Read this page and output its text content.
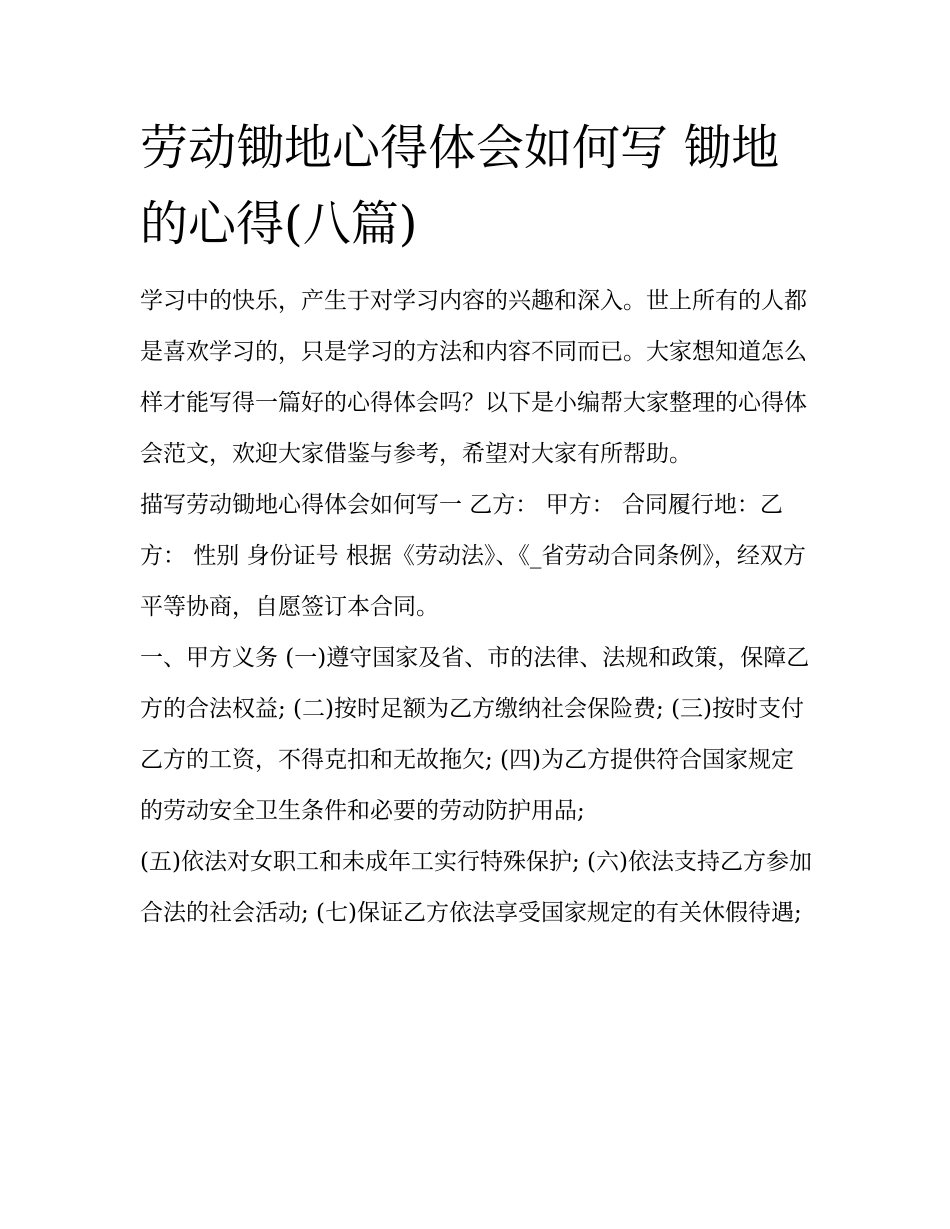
劳动锄地心得体会如何写 锄地的心得(八篇)

学习中的快乐，产生于对学习内容的兴趣和深入。世上所有的人都是喜欢学习的，只是学习的方法和内容不同而已。大家想知道怎么样才能写得一篇好的心得体会吗？以下是小编帮大家整理的心得体会范文，欢迎大家借鉴与参考，希望对大家有所帮助。

描写劳动锄地心得体会如何写一 乙方： 甲方： 合同履行地：乙方： 性别 身份证号 根据《劳动法》、《_省劳动合同条例》，经双方平等协商，自愿签订本合同。

一、甲方义务 (一)遵守国家及省、市的法律、法规和政策，保障乙方的合法权益; (二)按时足额为乙方缴纳社会保险费; (三)按时支付乙方的工资，不得克扣和无故拖欠; (四)为乙方提供符合国家规定的劳动安全卫生条件和必要的劳动防护用品;

(五)依法对女职工和未成年工实行特殊保护; (六)依法支持乙方参加合法的社会活动; (七)保证乙方依法享受国家规定的有关休假待遇;
